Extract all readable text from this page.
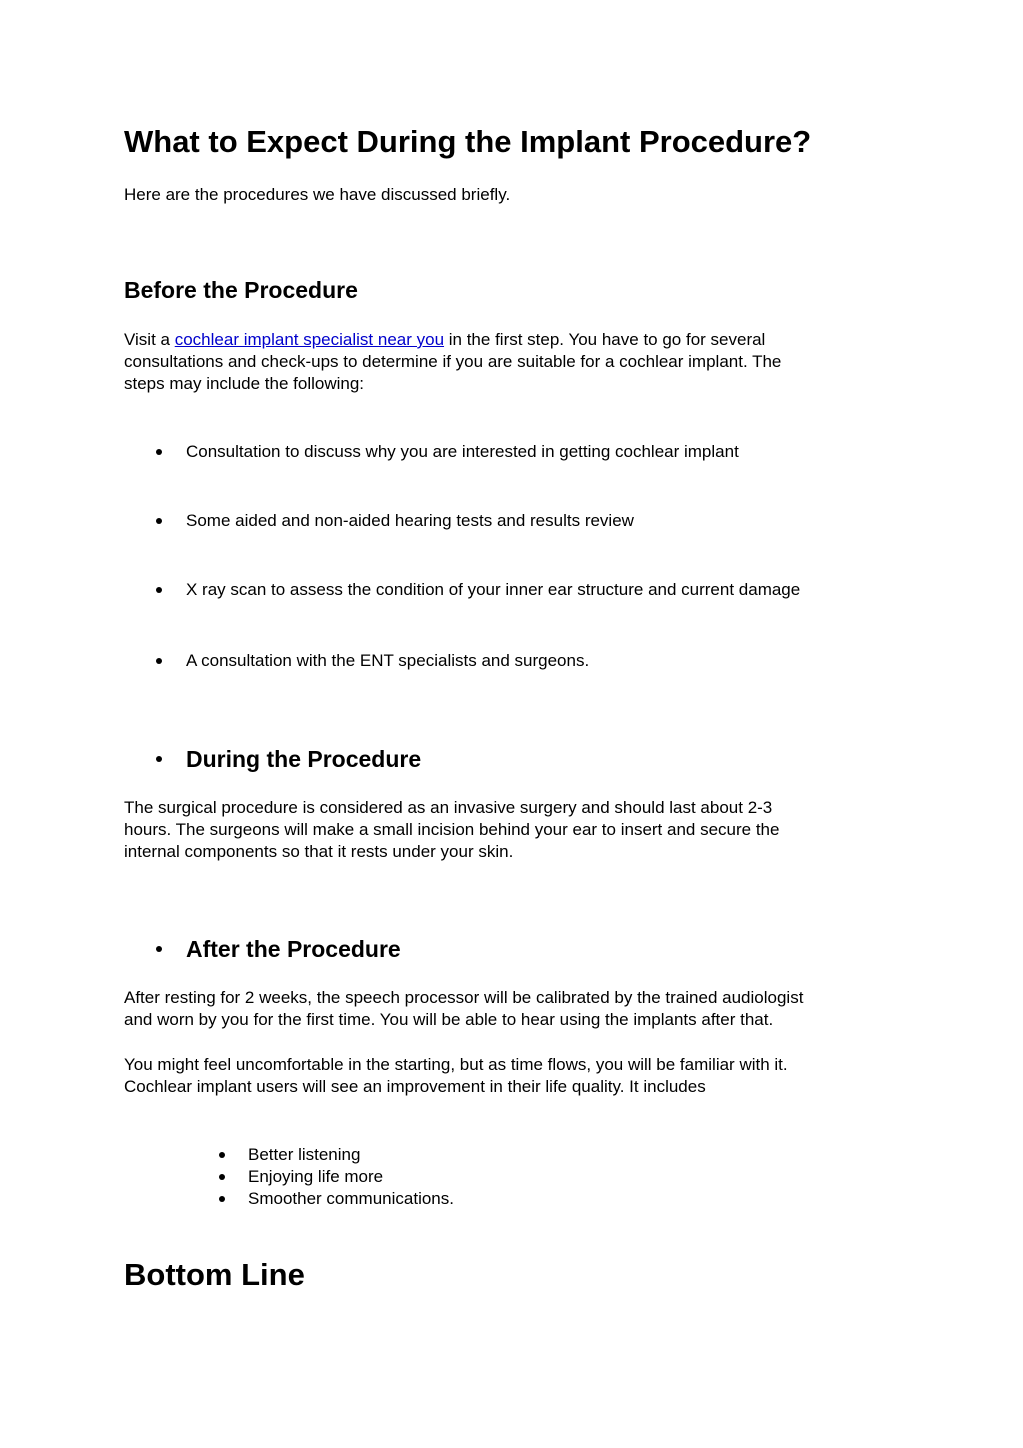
What to Expect During the Implant Procedure?

Here are the procedures we have discussed briefly.

Before the Procedure
Visit a cochlear implant specialist near you in the first step. You have to go for several
consultations and check-ups to determine if you are suitable for a cochlear implant. The
steps may include the following:
Consultation to discuss why you are interested in getting cochlear implant
Some aided and non-aided hearing tests and results review
X ray scan to assess the condition of your inner ear structure and current damage
A consultation with the ENT specialists and surgeons.
During the Procedure
The surgical procedure is considered as an invasive surgery and should last about 2-3
hours. The surgeons will make a small incision behind your ear to insert and secure the
internal components so that it rests under your skin.
After the Procedure
After resting for 2 weeks, the speech processor will be calibrated by the trained audiologist
and worn by you for the first time. You will be able to hear using the implants after that.
You might feel uncomfortable in the starting, but as time flows, you will be familiar with it.
Cochlear implant users will see an improvement in their life quality. It includes
Better listening
Enjoying life more
Smoother communications.
Bottom Line
